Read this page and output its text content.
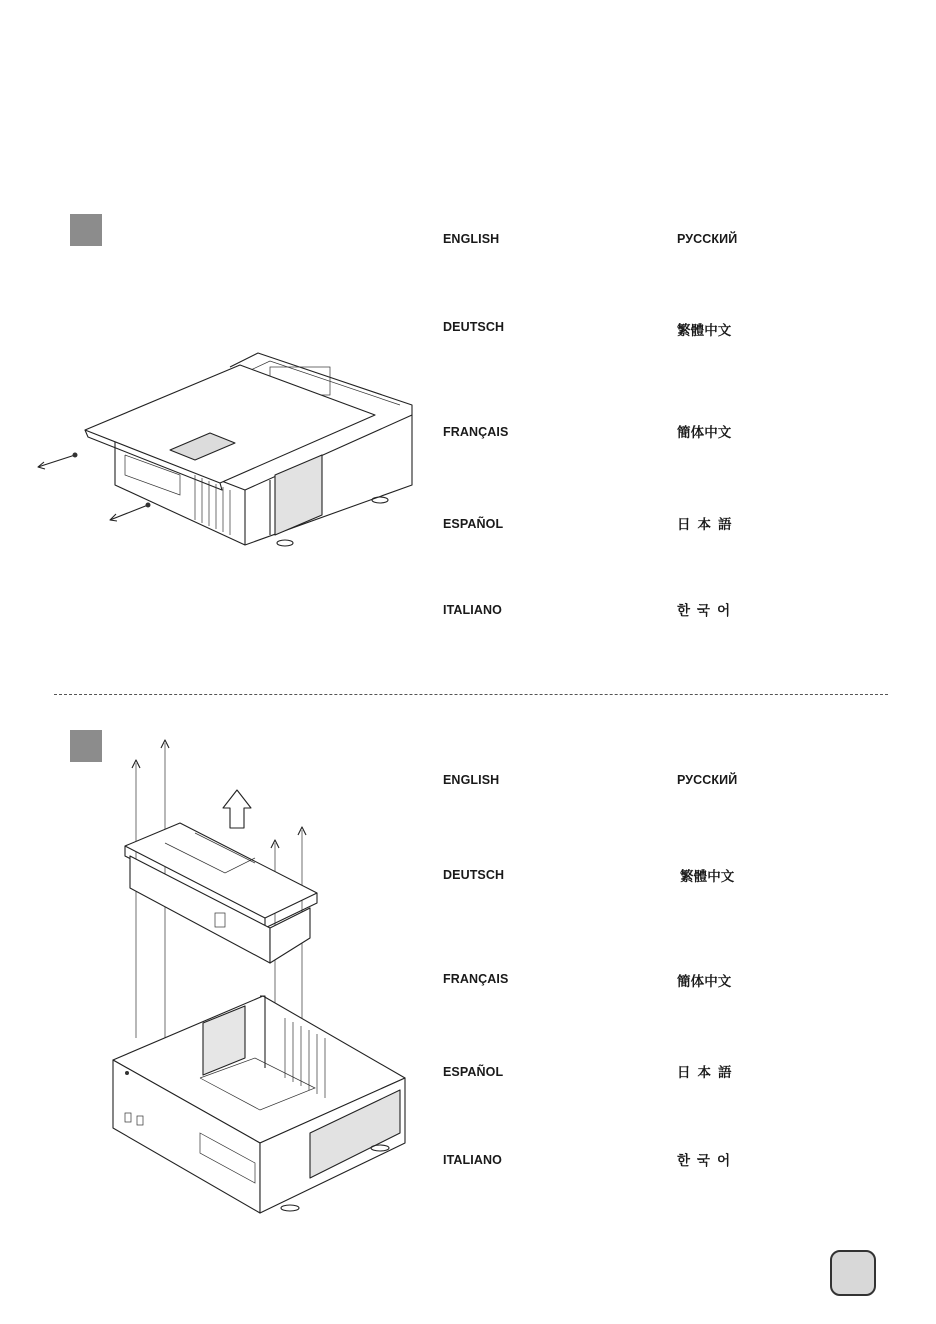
ENGLISH
DEUTSCH
FRANÇAIS
ESPAÑOL
ITALIANO
РУССКИЙ
繁體中文
簡体中文
日本語
한국어
ENGLISH
DEUTSCH
FRANÇAIS
ESPAÑOL
ITALIANO
РУССКИЙ
繁體中文
簡体中文
日本語
한국어
